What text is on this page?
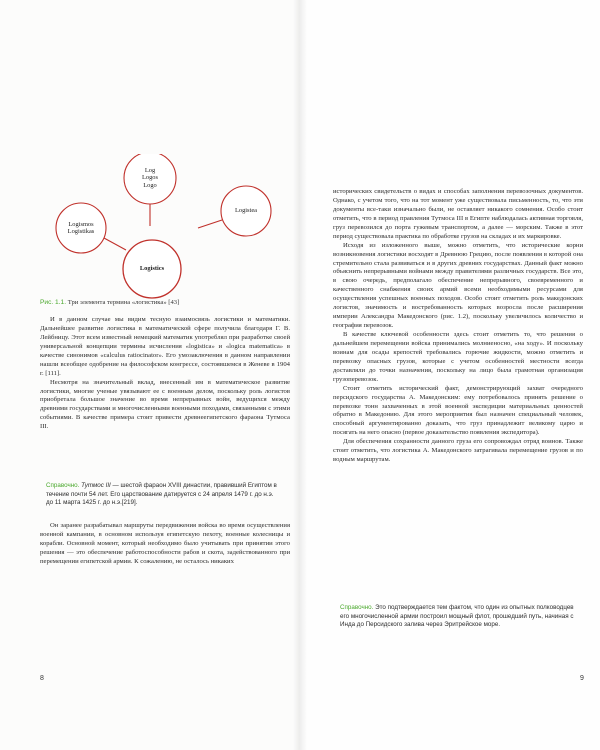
Log
Logos
Logo
Logismos
Logistikas
Logistea
Logistics
Рис. 1.1. Три элемента термина «логистика» [43]

И в данном случае мы видим тесную взаимосвязь логистики и математики. Дальнейшее развитие логистика в математической сфере получила благодаря Г. В. Лейбницу. Этот всем известный немецкий математик употреблял при разработке своей универсальной концепции термины исчисления «logistica» и «logica matematica» в качестве синонимов «calculus ratiocinator». Его умозаключения в данном направлении нашли всеобщее одобрение на философском конгрессе, состоявшемся в Женеве в 1904 г. [111].

Несмотря на значительный вклад, внесенный им в математическое развитие логистики, многие ученые увязывают ее с военным делом, поскольку роль логистов приобретала большое значение во время непрерывных войн, ведущихся между древними государствами и многочисленными военными походами, связанными с этими событиями. В качестве примера стоит привести древнеегипетского фараона Тутмоса III.

Справочно. Тутмос III — шестой фараон XVIII династии, правивший Египтом в течение почти 54 лет. Его царствование датируется с 24 апреля 1479 г. до н.э. до 11 марта 1425 г. до н.э.[219].

Он заранее разрабатывал маршруты передвижения войска во время осуществления военной кампании, в основном используя египетскую пехоту, военные колесницы и корабли. Основной момент, который необходимо было учитывать при принятии этого решения — это обеспечение работоспособности рабов и скота, задействованного при перемещении египетской армии. К сожалению, не осталось никаких

8

исторических свидетельств о видах и способах заполнения перевозочных документов. Однако, с учетом того, что на тот момент уже существовала письменность, то, что эти документы все-таки изначально были, не оставляет никакого сомнения. Особо стоит отметить, что в период правления Тутмоса III в Египте наблюдалась активная торговля, груз перевозился до порта гужевым транспортом, а далее — морским. Также в этот период существовала практика по обработке грузов на складах и их маркировке.

Исходя из изложенного выше, можно отметить, что исторические корни возникновения логистики восходят в Древнюю Грецию, после появления в которой она стремительно стала развиваться и в других древних государствах. Данный факт можно объяснить непрерывными войнами между правителями различных государств. Все это, в свою очередь, предполагало обеспечение непрерывного, своевременного и качественного снабжения своих армий всеми необходимыми ресурсами для осуществления успешных военных походов. Особо стоит отметить роль македонских логистов, значимость и востребованность которых возросла после расширения империи Александра Македонского (рис. 1.2), поскольку увеличилось количество и география перевозок.

В качестве ключевой особенности здесь стоит отметить то, что решения о дальнейшем перемещении войска принимались молниеносно, «на ходу». И поскольку воинам для осады крепостей требовались горючие жидкости, можно отметить и перевозку опасных грузов, которые с учетом особенностей местности всегда доставляли до точки назначения, поскольку на лицо была грамотная организация грузоперевозок.

Стоит отметить исторический факт, демонстрирующий захват очередного персидского государства А. Македонским: ему потребовалось принять решение о перевозке тонн захваченных в этой военной экспедиции материальных ценностей обратно в Македонию. Для этого мероприятия был назначен специальный человек, способный аргументированно доказать, что груз принадлежит великому царю и посягать на него опасно (первое доказательство появления экспедитора).

Для обеспечения сохранности данного груза его сопровождал отряд воинов. Также стоит отметить, что логистика А. Македонского затрагивала перемещение грузов и по водным маршрутам.

Справочно. Это подтверждается тем фактом, что один из опытных полководцев его многочисленной армии построил мощный флот, прошедший путь, начиная с Инда до Персидского залива через Эритрейское море.
9
